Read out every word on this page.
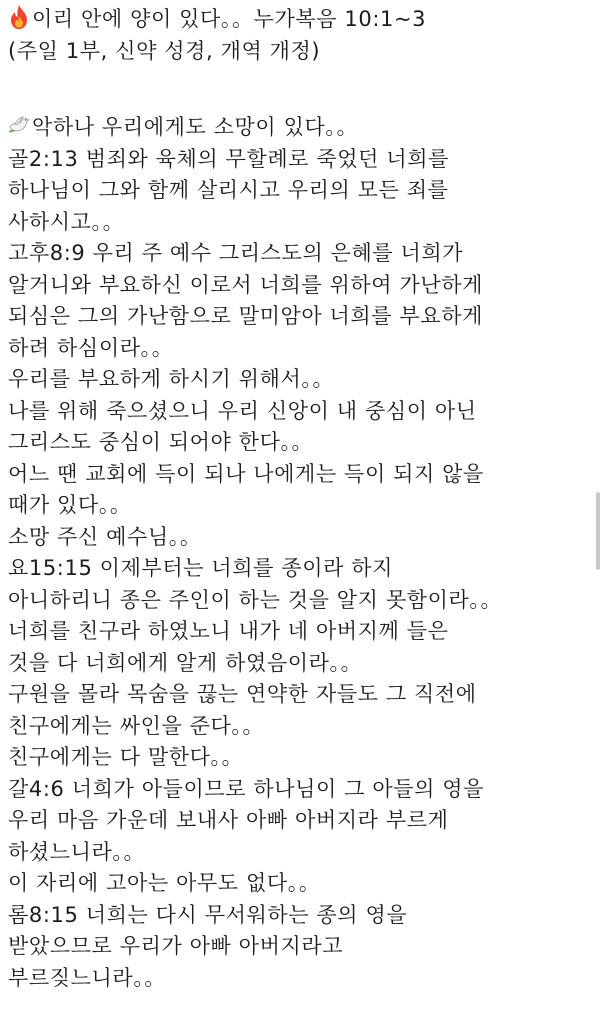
이리 안에 양이 있다。。누가복음 10:1~3
(주일 1부, 신약 성경, 개역 개정)
악하나 우리에게도 소망이 있다。。
골2:13 범죄와 육체의 무할례로 죽었던 너희를
하나님이 그와 함께 살리시고 우리의 모든 죄를
사하시고。。
고후8:9 우리 주 예수 그리스도의 은혜를 너희가
알거니와 부요하신 이로서 너희를 위하여 가난하게
되심은 그의 가난함으로 말미암아 너희를 부요하게
하려 하심이라。。
우리를 부요하게 하시기 위해서。。
나를 위해 죽으셨으니 우리 신앙이 내 중심이 아닌
그리스도 중심이 되어야 한다。。
어느 땐 교회에 득이 되나 나에게는 득이 되지 않을
때가 있다。。
소망 주신 예수님。。
요15:15 이제부터는 너희를 종이라 하지
아니하리니 종은 주인이 하는 것을 알지 못함이라。。
너희를 친구라 하였노니 내가 네 아버지께 들은
것을 다 너희에게 알게 하였음이라。。
구원을 몰라 목숨을 끊는 연약한 자들도 그 직전에
친구에게는 싸인을 준다。。
친구에게는 다 말한다。。
갈4:6 너희가 아들이므로 하나님이 그 아들의 영을
우리 마음 가운데 보내사 아빠 아버지라 부르게
하셨느니라。。
이 자리에 고아는 아무도 없다。。
롬8:15 너희는 다시 무서워하는 종의 영을
받았으므로 우리가 아빠 아버지라고
부르짖느니라。。
